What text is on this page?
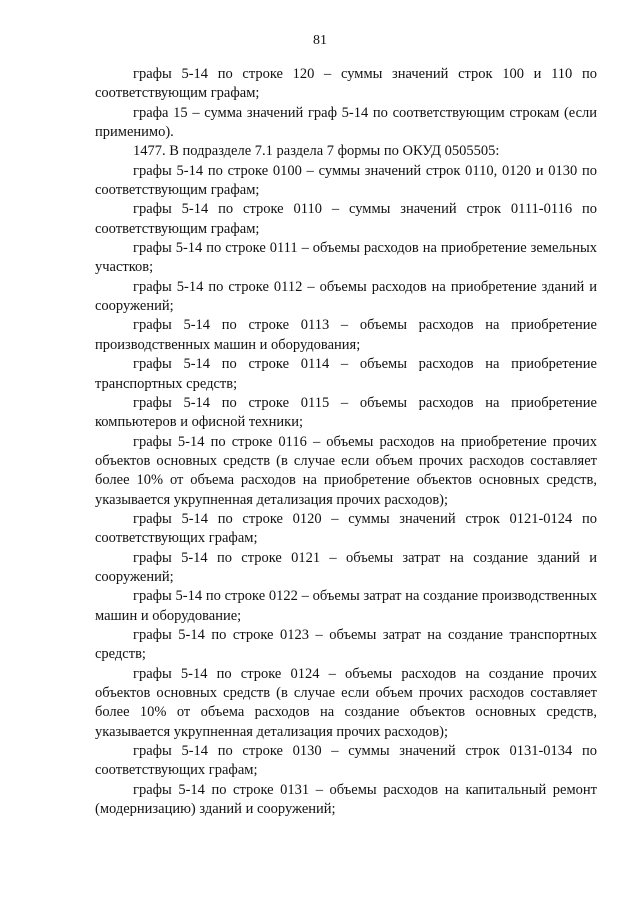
81

графы 5-14 по строке 120 – суммы значений строк 100 и 110 по соответствующим графам;

графа 15 – сумма значений граф 5-14 по соответствующим строкам (если применимо).

1477. В подразделе 7.1 раздела 7 формы по ОКУД 0505505:

графы 5-14 по строке 0100 – суммы значений строк 0110, 0120 и 0130 по соответствующим графам;

графы 5-14 по строке 0110 – суммы значений строк 0111-0116 по соответствующим графам;

графы 5-14 по строке 0111 – объемы расходов на приобретение земельных участков;

графы 5-14 по строке 0112 – объемы расходов на приобретение зданий и сооружений;

графы 5-14 по строке 0113 – объемы расходов на приобретение производственных машин и оборудования;

графы 5-14 по строке 0114 – объемы расходов на приобретение транспортных средств;

графы 5-14 по строке 0115 – объемы расходов на приобретение компьютеров и офисной техники;

графы 5-14 по строке 0116 – объемы расходов на приобретение прочих объектов основных средств (в случае если объем прочих расходов составляет более 10% от объема расходов на приобретение объектов основных средств, указывается укрупненная детализация прочих расходов);

графы 5-14 по строке 0120 – суммы значений строк 0121-0124 по соответствующих графам;

графы 5-14 по строке 0121 – объемы затрат на создание зданий и сооружений;

графы 5-14 по строке 0122 – объемы затрат на создание производственных машин и оборудование;

графы 5-14 по строке 0123 – объемы затрат на создание транспортных средств;

графы 5-14 по строке 0124 – объемы расходов на создание прочих объектов основных средств (в случае если объем прочих расходов составляет более 10% от объема расходов на создание объектов основных средств, указывается укрупненная детализация прочих расходов);

графы 5-14 по строке 0130 – суммы значений строк 0131-0134 по соответствующих графам;

графы 5-14 по строке 0131 – объемы расходов на капитальный ремонт (модернизацию) зданий и сооружений;
